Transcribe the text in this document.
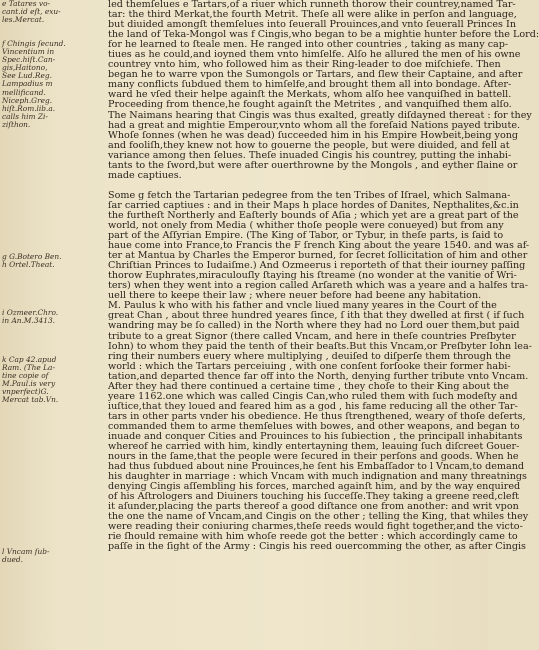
e Tatares vo-
cant.id eſt, exu-
les.Mercat.
f Chingis ſecund.
Vincentium in
Spec.hiſt.Can-
gis,Haitono,
See Lud.Reg.
Lampadius m
mellificand.
Niceph.Greg.
hiſt.Rom.lib.a.
calls him Zi-
ziſthon.
g G.Botero Ben.
h Ortel.Theat.
i Ozmeer.Chro.
in An.M.3413.
k Cap 42.apud
Ram. (The La-
tine copie of
M.Paul.is very
vnperfect)G.
Mercat tab.Vn.
l Vncam ſub-
dued.
led themſelues e Tartars,of a riuer which runneth thorow their countrey,named Tar-
tar: the third Merkat,the fourth Metrit. Theſe all were alike in perſon and language,
but diuided amongſt themſelues into ſeuerall Prouinces,and vnto ſeuerall Princes In
the land of Teka-Mongol was f Cingis,who began to be a mightie hunter before the Lord:
for he learned to ſteale men. He ranged into other countries , taking as many cap-
tiues as he could,and ioyned them vnto himſelfe. Alſo he allured the men of his owne
countrey vnto him, who followed him as their Ring-leader to doe miſchiefe. Then
began he to warre vpon the Sumongols or Tartars, and ſlew their Captaine, and after
many conflicts ſubdued them to himſelfe,and brought them all into bondage. After-
ward he vſed their helpe againſt the Merkats, whom alſo hee vanquiſhed in battell.
Proceeding from thence,he fought againſt the Metrites , and vanquiſhed them alſo.
The Naimans hearing that Cingis was thus exalted, greatly diſdayned thereat : for they
had a great and mightie Emperour,vnto whom all the foreſaid Nations payed tribute.
Whoſe ſonnes (when he was dead) ſucceeded him in his Empire Howbeit,being yong
and fooliſh,they knew not how to gouerne the people, but were diuided, and fell at
variance among then ſelues. Theſe inuaded Cingis his countrey, putting the inhabi-
tants to the ſword,but were after ouerthrowne by the Mongols , and eyther ſlaine or
made captiues.
Some g fetch the Tartarian pedegree from the ten Tribes of Iſrael, which Salmana-
ſar carried captiues : and in their Maps h place hordes of Danites, Nepthalites,&c.in
the furtheſt Northerly and Eaſterly bounds of Aſia ; which yet are a great part of the
world, not onely from Media ( whither thoſe people were conueyed) but from any
part of the Aſſyrian Empire. (The King of Tabor, or Tybur, in theſe parts, is ſaid to
haue come into France,to Francis the F ſrench King about the yeare 1540. and was af-
ter at Mantua by Charles the Emperor burned, for ſecret ſollicitation of him and other
Chriſtian Princes to Iudaiſme.) And Ozmeerus i reporteth of that their iourney paſſing
thorow Euphrates,miraculouſly ſtaying his ſtreame (no wonder at the vanitie of Wri-
ters) when they went into a region called Arſareth which was a yeare and a halfes tra-
uell there to keepe their law ; where neuer before had beene any habitation.
M. Paulus k who with his father and vncle liued many yeares in the Court of the
great Chan , about three hundred yeares ſince, ſ ith that they dwelled at first ( if ſuch
wandring may be ſo called) in the North where they had no Lord ouer them,but paid
tribute to a great Signor (there called Vncam, and here in theſe countries Preſbyter
Iohn) to whom they paid the tenth of their beaſts.But this Vncam,or Preſbyter Iohn lea-
ring their numbers euery where multiplying , deuiſed to diſperſe them through the
world : which the Tartars perceiuing , with one conſent forſooke their former habi-
tation,and departed thence far off into the North, denying further tribute vnto Vncam.
After they had there continued a certaine time , they choſe to their King about the
yeare 1162.one which was called Cingis Can,who ruled them with ſuch modeſty and
iuſtice,that they loued and feared him as a god , his fame reducing all the other Tar-
tars in other parts vnder his obedience. He thus ſtrengthened, weary of thoſe deſerts,
commanded them to arme themſelues with bowes, and other weapons, and began to
inuade and conquer Cities and Prouinces to his ſubiection , the principall inhabitants
whereof he carried with him, kindly entertayning them, leauing ſuch diſcreet Gouer-
nours in the ſame,that the people were ſecured in their perſons and goods. When he
had thus ſubdued about nine Prouinces,he ſent his Embaſſador to l Vncam,to demand
his daughter in marriage : which Vncam with much indignation and many threatnings
denying Cingis aſſembling his forces, marched againſt him, and by the way enquired
of his Aſtrologers and Diuiners touching his ſucceſſe.They taking a greene reed,cleft
it aſunder,placing the parts thereof a good diſtance one from another: and writ vpon
the one the name of Vncam,and Cingis on the other ; telling the King, that whiles they
were reading their coniuring charmes,theſe reeds would fight together,and the victo-
rie ſhould remaine with him whoſe reede got the better : which accordingly came to
paſſe in the ſight of the Army : Cingis his reed ouercomming the other, as after Cingis
